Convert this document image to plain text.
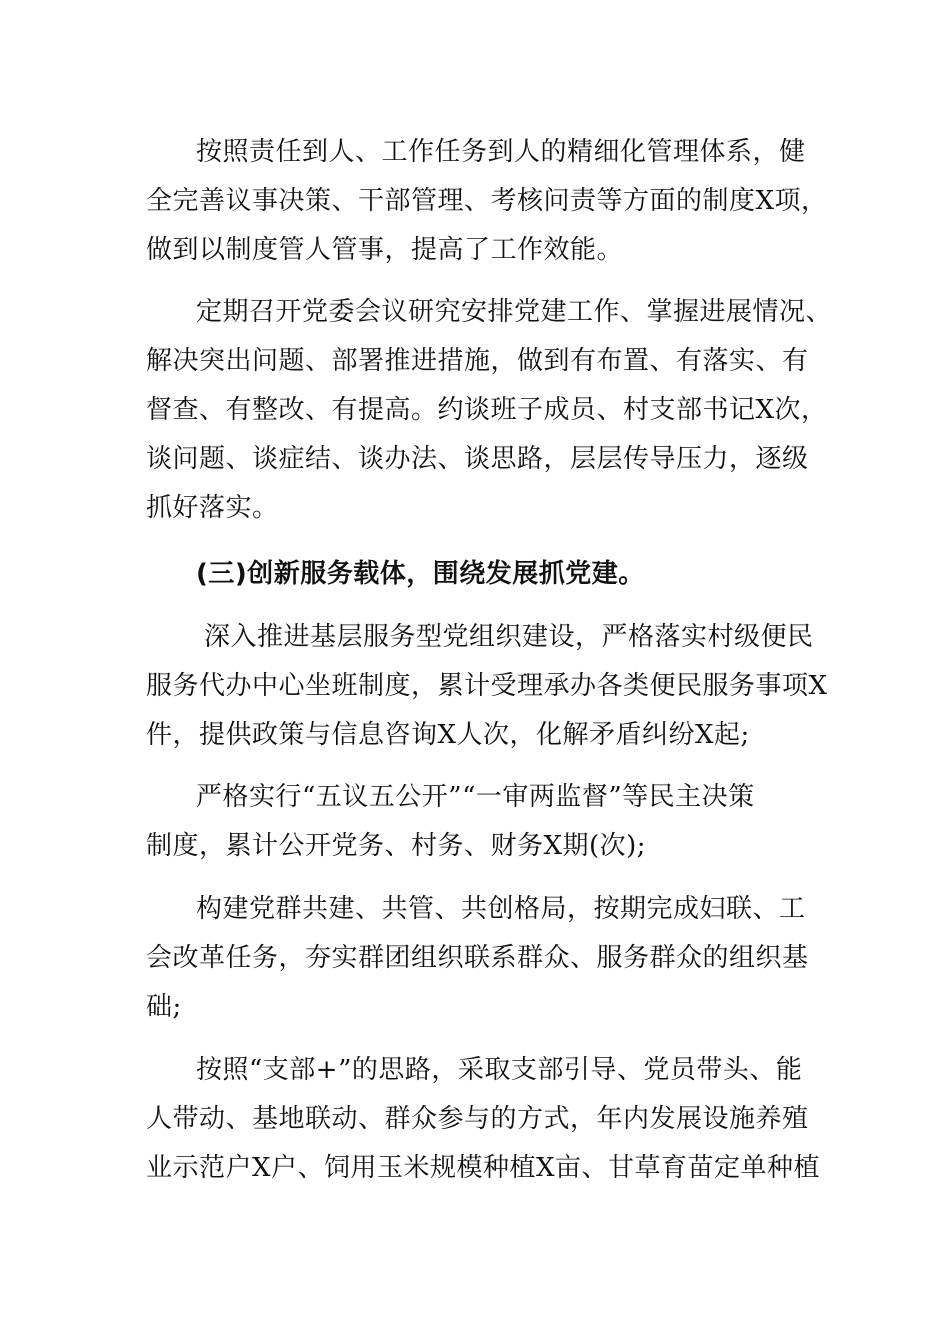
按照责任到人、工作任务到人的精细化管理体系，健
全完善议事决策、干部管理、考核问责等方面的制度X项，
做到以制度管人管事，提高了工作效能。
定期召开党委会议研究安排党建工作、掌握进展情况、
解决突出问题、部署推进措施，做到有布置、有落实、有
督查、有整改、有提高。约谈班子成员、村支部书记X次，
谈问题、谈症结、谈办法、谈思路，层层传导压力，逐级
抓好落实。
(三)创新服务载体，围绕发展抓党建。
深入推进基层服务型党组织建设，严格落实村级便民
服务代办中心坐班制度，累计受理承办各类便民服务事项X
件，提供政策与信息咨询X人次，化解矛盾纠纷X起;
严格实行“五议五公开”“一审两监督”等民主决策
制度，累计公开党务、村务、财务X期(次);
构建党群共建、共管、共创格局，按期完成妇联、工
会改革任务，夯实群团组织联系群众、服务群众的组织基
础;
按照“支部+”的思路，采取支部引导、党员带头、能
人带动、基地联动、群众参与的方式，年内发展设施养殖
业示范户X户、饲用玉米规模种植X亩、甘草育苗定单种植
